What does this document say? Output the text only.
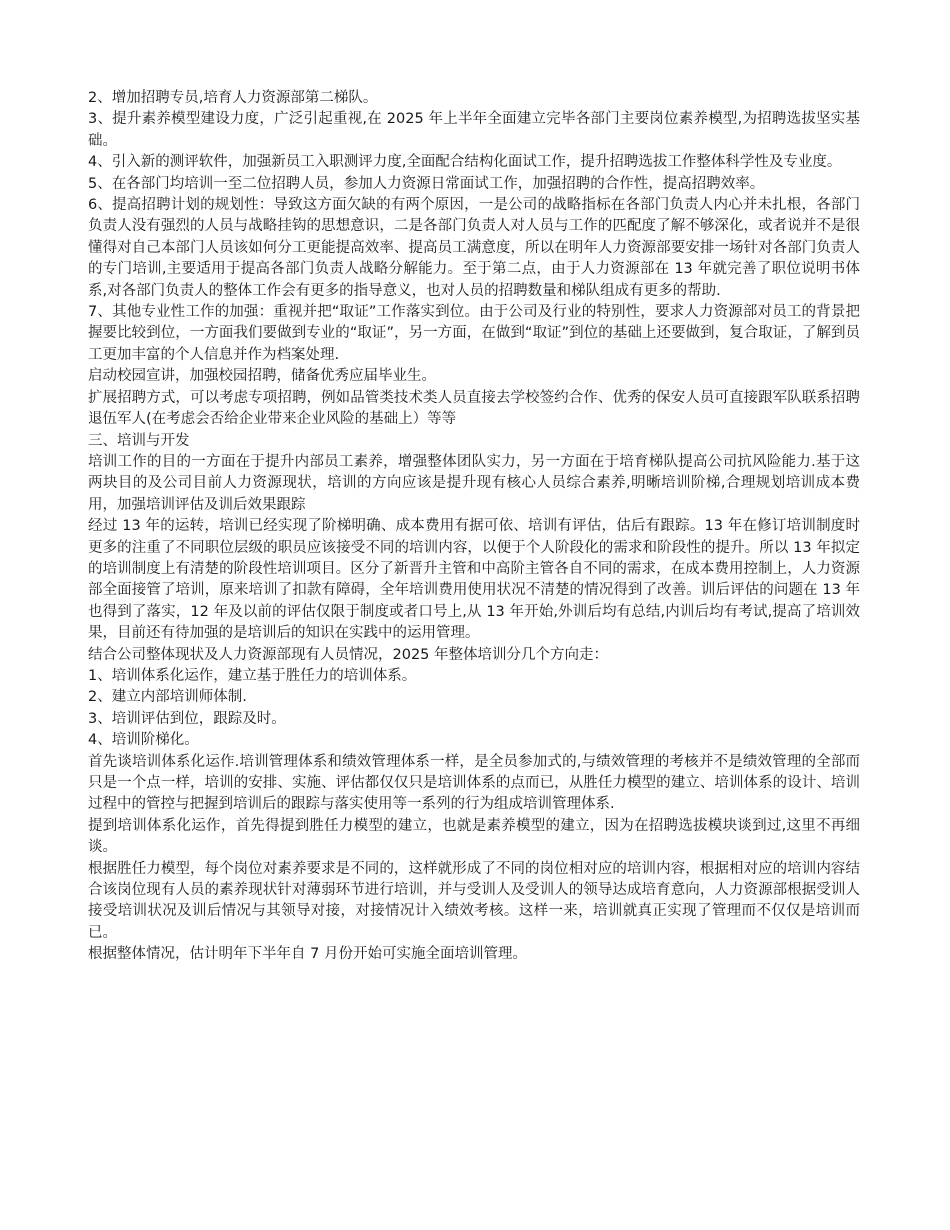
2、增加招聘专员,培育人力资源部第二梯队。

3、提升素养模型建设力度，广泛引起重视,在 2025 年上半年全面建立完毕各部门主要岗位素养模型,为招聘选拔坚实基础。

4、引入新的测评软件，加强新员工入职测评力度,全面配合结构化面试工作，提升招聘选拔工作整体科学性及专业度。

5、在各部门均培训一至二位招聘人员，参加人力资源日常面试工作，加强招聘的合作性，提高招聘效率。

6、提高招聘计划的规划性：导致这方面欠缺的有两个原因，一是公司的战略指标在各部门负责人内心并未扎根，各部门负责人没有强烈的人员与战略挂钩的思想意识，二是各部门负责人对人员与工作的匹配度了解不够深化，或者说并不是很懂得对自己本部门人员该如何分工更能提高效率、提高员工满意度，所以在明年人力资源部要安排一场针对各部门负责人的专门培训,主要适用于提高各部门负责人战略分解能力。至于第二点，由于人力资源部在 13 年就完善了职位说明书体系,对各部门负责人的整体工作会有更多的指导意义，也对人员的招聘数量和梯队组成有更多的帮助.

7、其他专业性工作的加强：重视并把“取证”工作落实到位。由于公司及行业的特别性，要求人力资源部对员工的背景把握要比较到位，一方面我们要做到专业的“取证”，另一方面，在做到“取证”到位的基础上还要做到，复合取证，了解到员工更加丰富的个人信息并作为档案处理.

启动校园宣讲，加强校园招聘，储备优秀应届毕业生。

扩展招聘方式，可以考虑专项招聘，例如品管类技术类人员直接去学校签约合作、优秀的保安人员可直接跟军队联系招聘退伍军人(在考虑会否给企业带来企业风险的基础上）等等

三、培训与开发

培训工作的目的一方面在于提升内部员工素养，增强整体团队实力，另一方面在于培育梯队提高公司抗风险能力.基于这两块目的及公司目前人力资源现状，培训的方向应该是提升现有核心人员综合素养,明晰培训阶梯,合理规划培训成本费用，加强培训评估及训后效果跟踪

经过 13 年的运转，培训已经实现了阶梯明确、成本费用有据可依、培训有评估，估后有跟踪。13 年在修订培训制度时更多的注重了不同职位层级的职员应该接受不同的培训内容，以便于个人阶段化的需求和阶段性的提升。所以 13 年拟定的培训制度上有清楚的阶段性培训项目。区分了新晋升主管和中高阶主管各自不同的需求，在成本费用控制上，人力资源部全面接管了培训，原来培训了扣款有障碍，全年培训费用使用状况不清楚的情况得到了改善。训后评估的问题在 13 年也得到了落实，12 年及以前的评估仅限于制度或者口号上,从 13 年开始,外训后均有总结,内训后均有考试,提高了培训效果，目前还有待加强的是培训后的知识在实践中的运用管理。

结合公司整体现状及人力资源部现有人员情况，2025 年整体培训分几个方向走：

1、培训体系化运作，建立基于胜任力的培训体系。

2、建立内部培训师体制.

3、培训评估到位，跟踪及时。

4、培训阶梯化。

首先谈培训体系化运作.培训管理体系和绩效管理体系一样，是全员参加式的,与绩效管理的考核并不是绩效管理的全部而只是一个点一样，培训的安排、实施、评估都仅仅只是培训体系的点而已，从胜任力模型的建立、培训体系的设计、培训过程中的管控与把握到培训后的跟踪与落实使用等一系列的行为组成培训管理体系.

提到培训体系化运作，首先得提到胜任力模型的建立，也就是素养模型的建立，因为在招聘选拔模块谈到过,这里不再细谈。

根据胜任力模型，每个岗位对素养要求是不同的，这样就形成了不同的岗位相对应的培训内容，根据相对应的培训内容结合该岗位现有人员的素养现状针对薄弱环节进行培训，并与受训人及受训人的领导达成培育意向，人力资源部根据受训人接受培训状况及训后情况与其领导对接，对接情况计入绩效考核。这样一来，培训就真正实现了管理而不仅仅是培训而已。

根据整体情况，估计明年下半年自 7 月份开始可实施全面培训管理。
